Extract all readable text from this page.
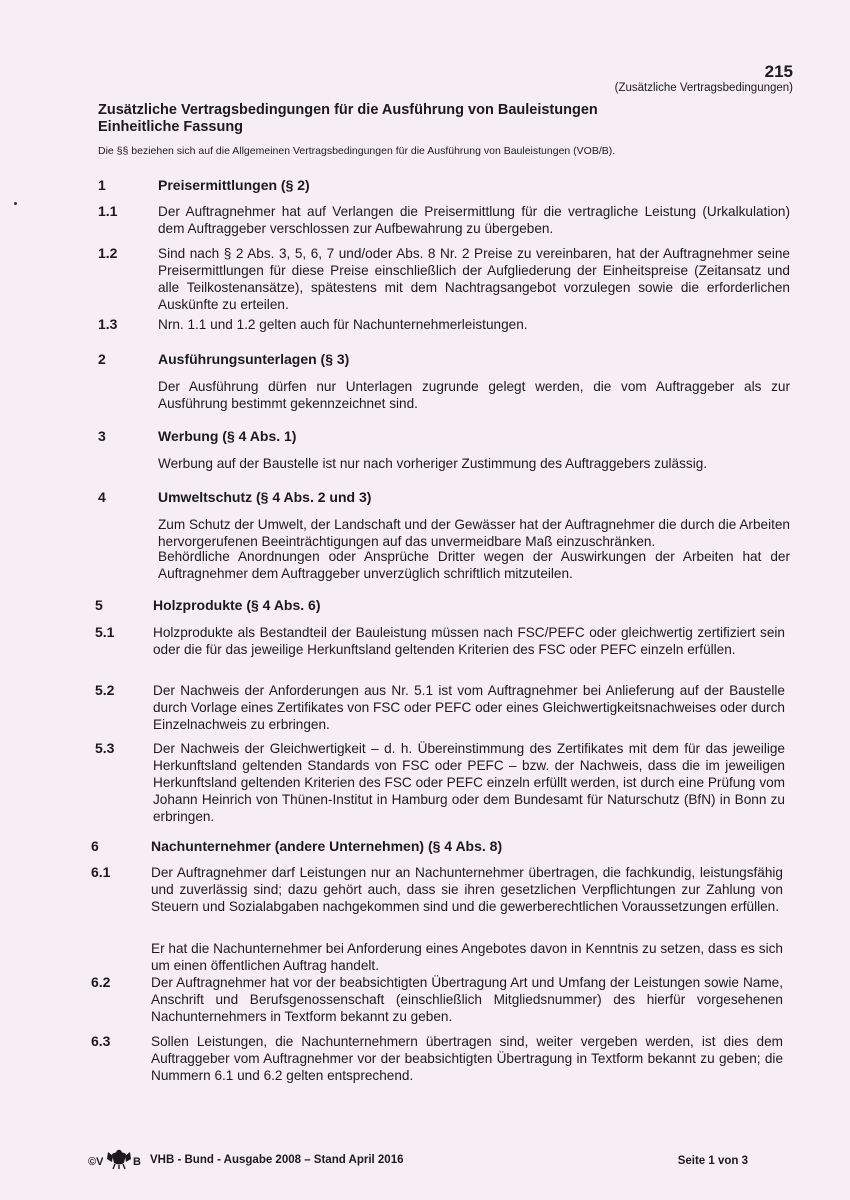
215
(Zusätzliche Vertragsbedingungen)
Zusätzliche Vertragsbedingungen für die Ausführung von Bauleistungen
Einheitliche Fassung
Die §§ beziehen sich auf die Allgemeinen Vertragsbedingungen für die Ausführung von Bauleistungen (VOB/B).
1	Preisermittlungen (§ 2)
1.1	Der Auftragnehmer hat auf Verlangen die Preisermittlung für die vertragliche Leistung (Urkalkulation) dem Auftraggeber verschlossen zur Aufbewahrung zu übergeben.
1.2	Sind nach § 2 Abs. 3, 5, 6, 7 und/oder Abs. 8 Nr. 2 Preise zu vereinbaren, hat der Auftragnehmer seine Preisermittlungen für diese Preise einschließlich der Aufgliederung der Einheitspreise (Zeitansatz und alle Teilkostenansätze), spätestens mit dem Nachtragsangebot vorzulegen sowie die erforderlichen Auskünfte zu erteilen.
1.3	Nrn. 1.1 und 1.2 gelten auch für Nachunternehmerleistungen.
2	Ausführungsunterlagen (§ 3)
Der Ausführung dürfen nur Unterlagen zugrunde gelegt werden, die vom Auftraggeber als zur Ausführung bestimmt gekennzeichnet sind.
3	Werbung (§ 4 Abs. 1)
Werbung auf der Baustelle ist nur nach vorheriger Zustimmung des Auftraggebers zulässig.
4	Umweltschutz (§ 4 Abs. 2 und 3)
Zum Schutz der Umwelt, der Landschaft und der Gewässer hat der Auftragnehmer die durch die Arbeiten hervorgerufenen Beeinträchtigungen auf das unvermeidbare Maß einzuschränken.
Behördliche Anordnungen oder Ansprüche Dritter wegen der Auswirkungen der Arbeiten hat der Auftragnehmer dem Auftraggeber unverzüglich schriftlich mitzuteilen.
5	Holzprodukte (§ 4 Abs. 6)
5.1	Holzprodukte als Bestandteil der Bauleistung müssen nach FSC/PEFC oder gleichwertig zertifiziert sein oder die für das jeweilige Herkunftsland geltenden Kriterien des FSC oder PEFC einzeln erfüllen.
5.2	Der Nachweis der Anforderungen aus Nr. 5.1 ist vom Auftragnehmer bei Anlieferung auf der Baustelle durch Vorlage eines Zertifikates von FSC oder PEFC oder eines Gleichwertigkeitsnachweises oder durch Einzelnachweis zu erbringen.
5.3	Der Nachweis der Gleichwertigkeit – d. h. Übereinstimmung des Zertifikates mit dem für das jeweilige Herkunftsland geltenden Standards von FSC oder PEFC – bzw. der Nachweis, dass die im jeweiligen Herkunftsland geltenden Kriterien des FSC oder PEFC einzeln erfüllt werden, ist durch eine Prüfung vom Johann Heinrich von Thünen-Institut in Hamburg oder dem Bundesamt für Naturschutz (BfN) in Bonn zu erbringen.
6	Nachunternehmer (andere Unternehmen) (§ 4 Abs. 8)
6.1	Der Auftragnehmer darf Leistungen nur an Nachunternehmer übertragen, die fachkundig, leistungsfähig und zuverlässig sind; dazu gehört auch, dass sie ihren gesetzlichen Verpflichtungen zur Zahlung von Steuern und Sozialabgaben nachgekommen sind und die gewerberechtlichen Voraussetzungen erfüllen.
Er hat die Nachunternehmer bei Anforderung eines Angebotes davon in Kenntnis zu setzen, dass es sich um einen öffentlichen Auftrag handelt.
6.2	Der Auftragnehmer hat vor der beabsichtigten Übertragung Art und Umfang der Leistungen sowie Name, Anschrift und Berufsgenossenschaft (einschließlich Mitgliedsnummer) des hierfür vorgesehenen Nachunternehmers in Textform bekannt zu geben.
6.3	Sollen Leistungen, die Nachunternehmern übertragen sind, weiter vergeben werden, ist dies dem Auftraggeber vom Auftragnehmer vor der beabsichtigten Übertragung in Textform bekannt zu geben; die Nummern 6.1 und 6.2 gelten entsprechend.
©V	B VHB - Bund - Ausgabe 2008 – Stand April 2016	Seite 1 von 3
